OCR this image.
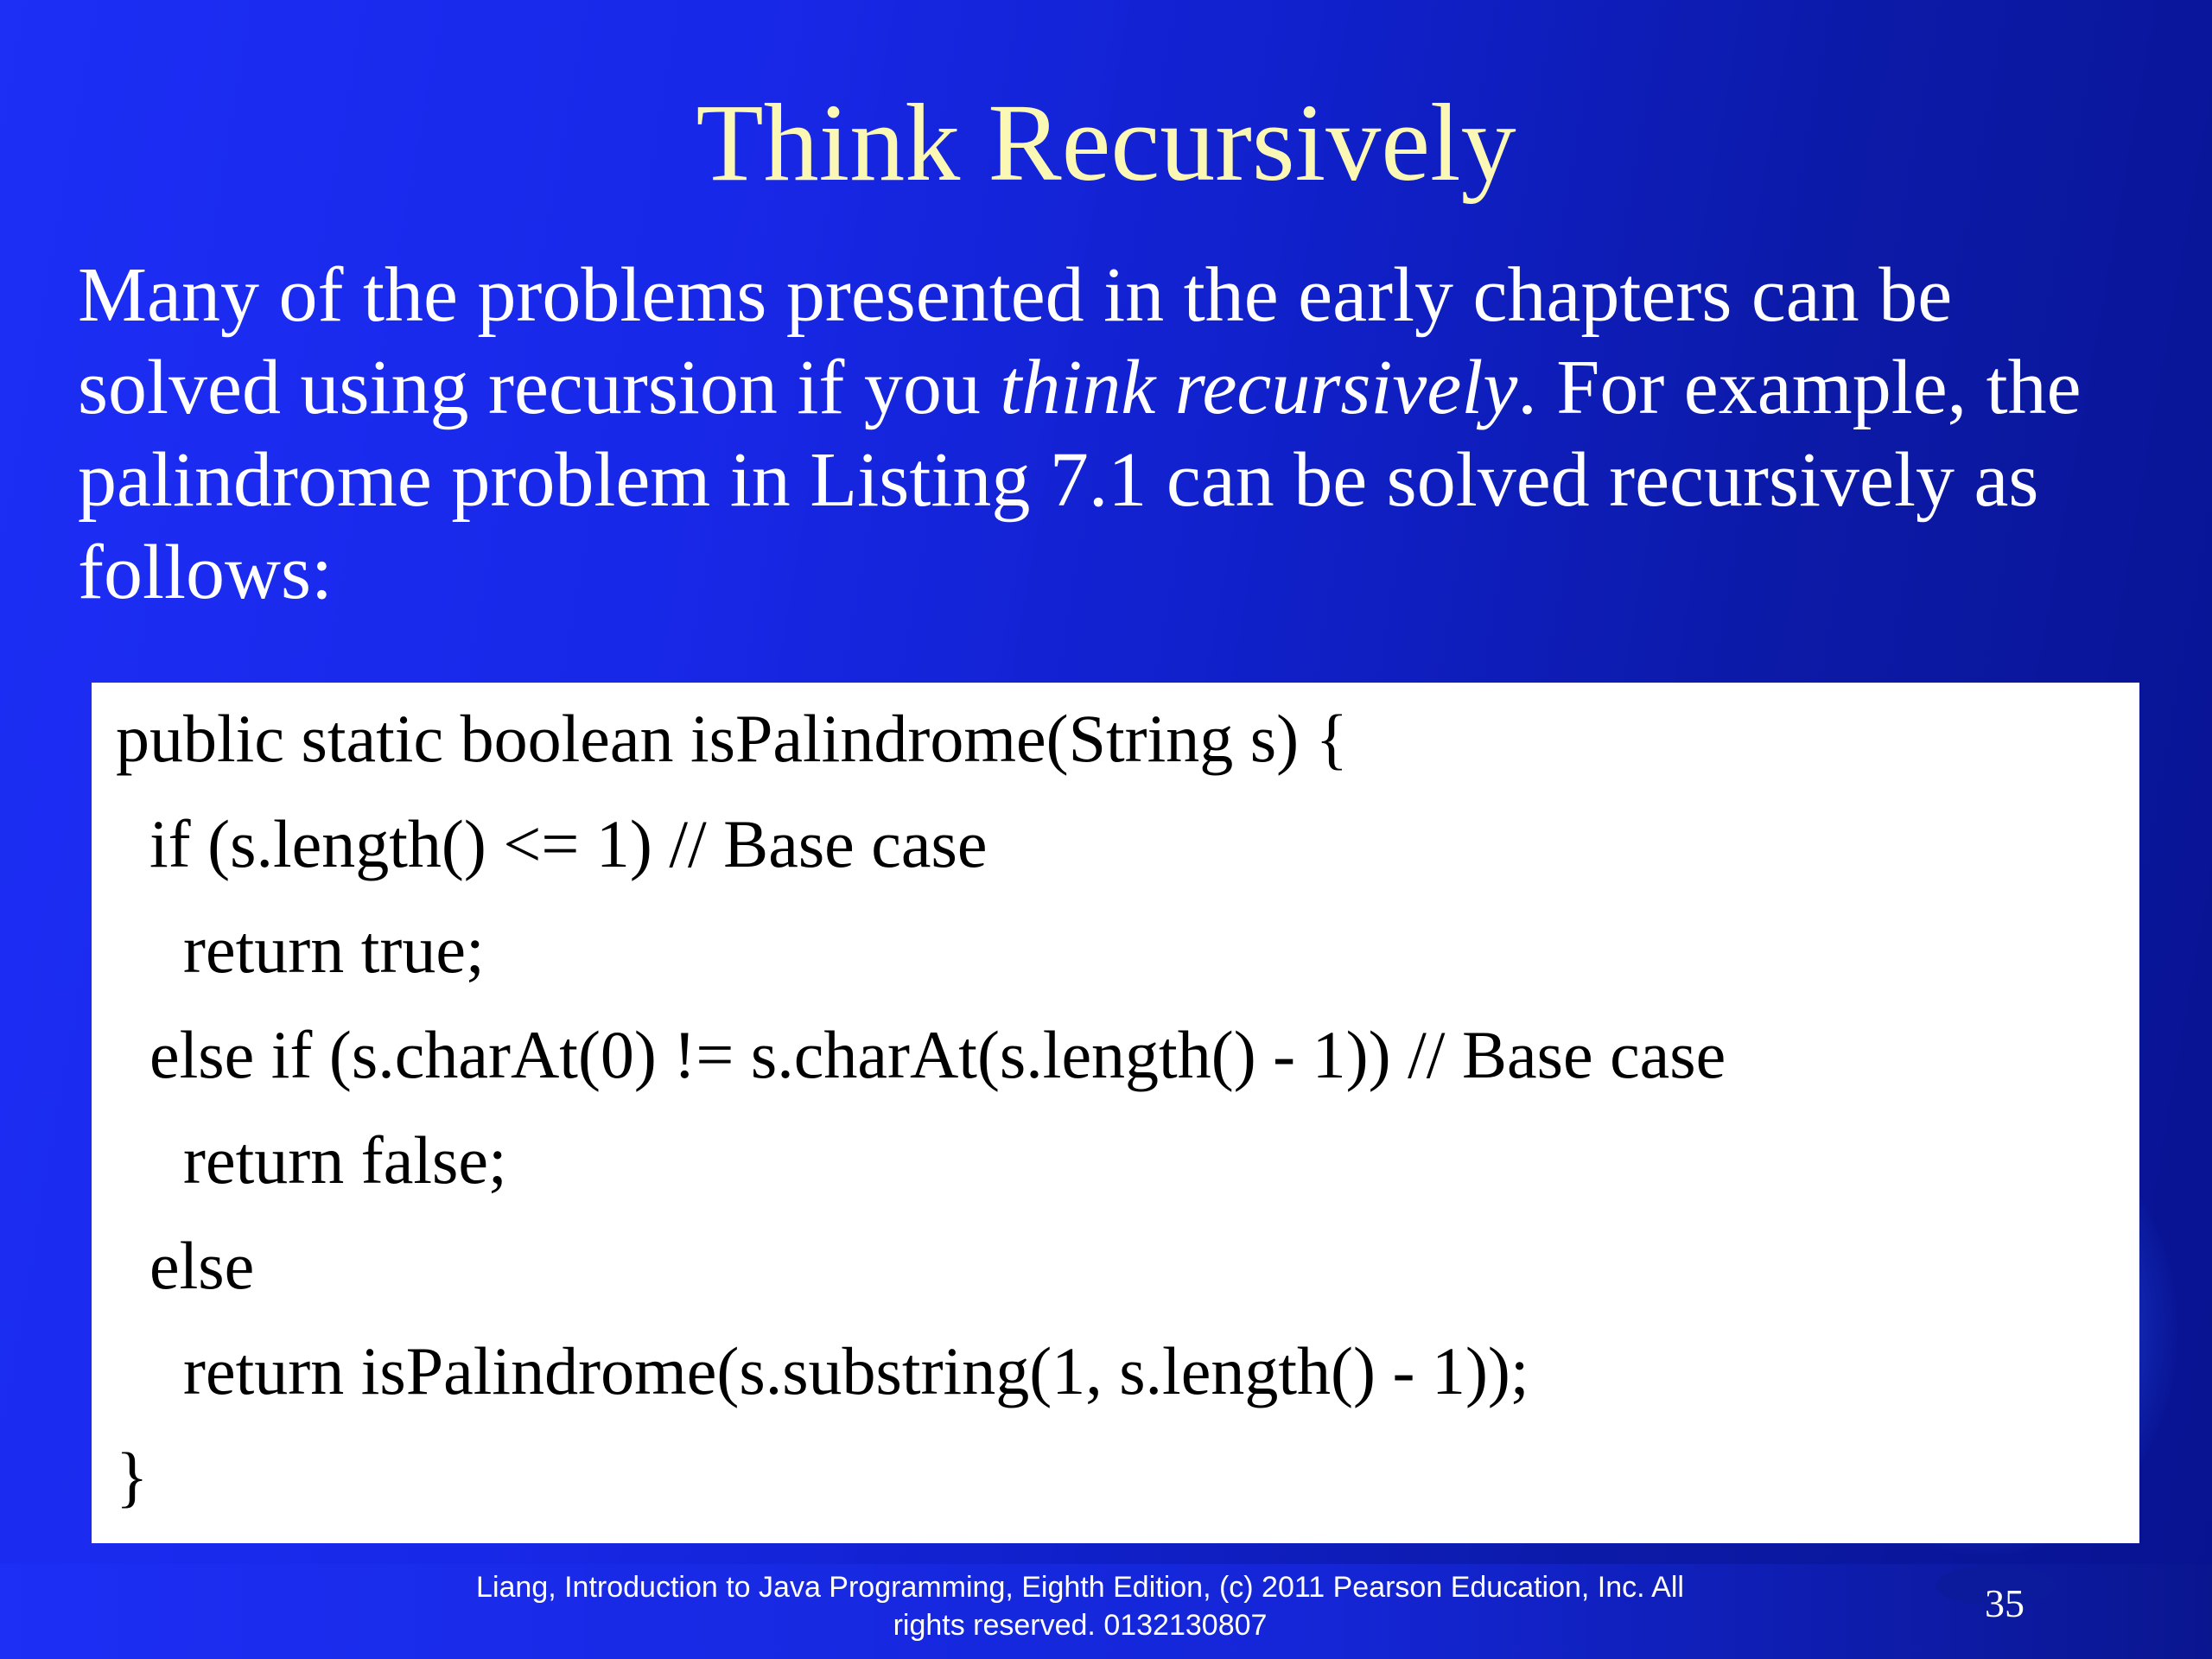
Think Recursively

Many of the problems presented in the early chapters can be solved using recursion if you think recursively. For example, the palindrome problem in Listing 7.1 can be solved recursively as follows:

public static boolean isPalindrome(String s) {
if (s.length() <= 1) // Base case
return true;
else if (s.charAt(0) != s.charAt(s.length() - 1)) // Base case
return false;
else
return isPalindrome(s.substring(1, s.length() - 1));
}
Liang, Introduction to Java Programming, Eighth Edition, (c) 2011 Pearson Education, Inc. All
rights reserved. 0132130807	35
